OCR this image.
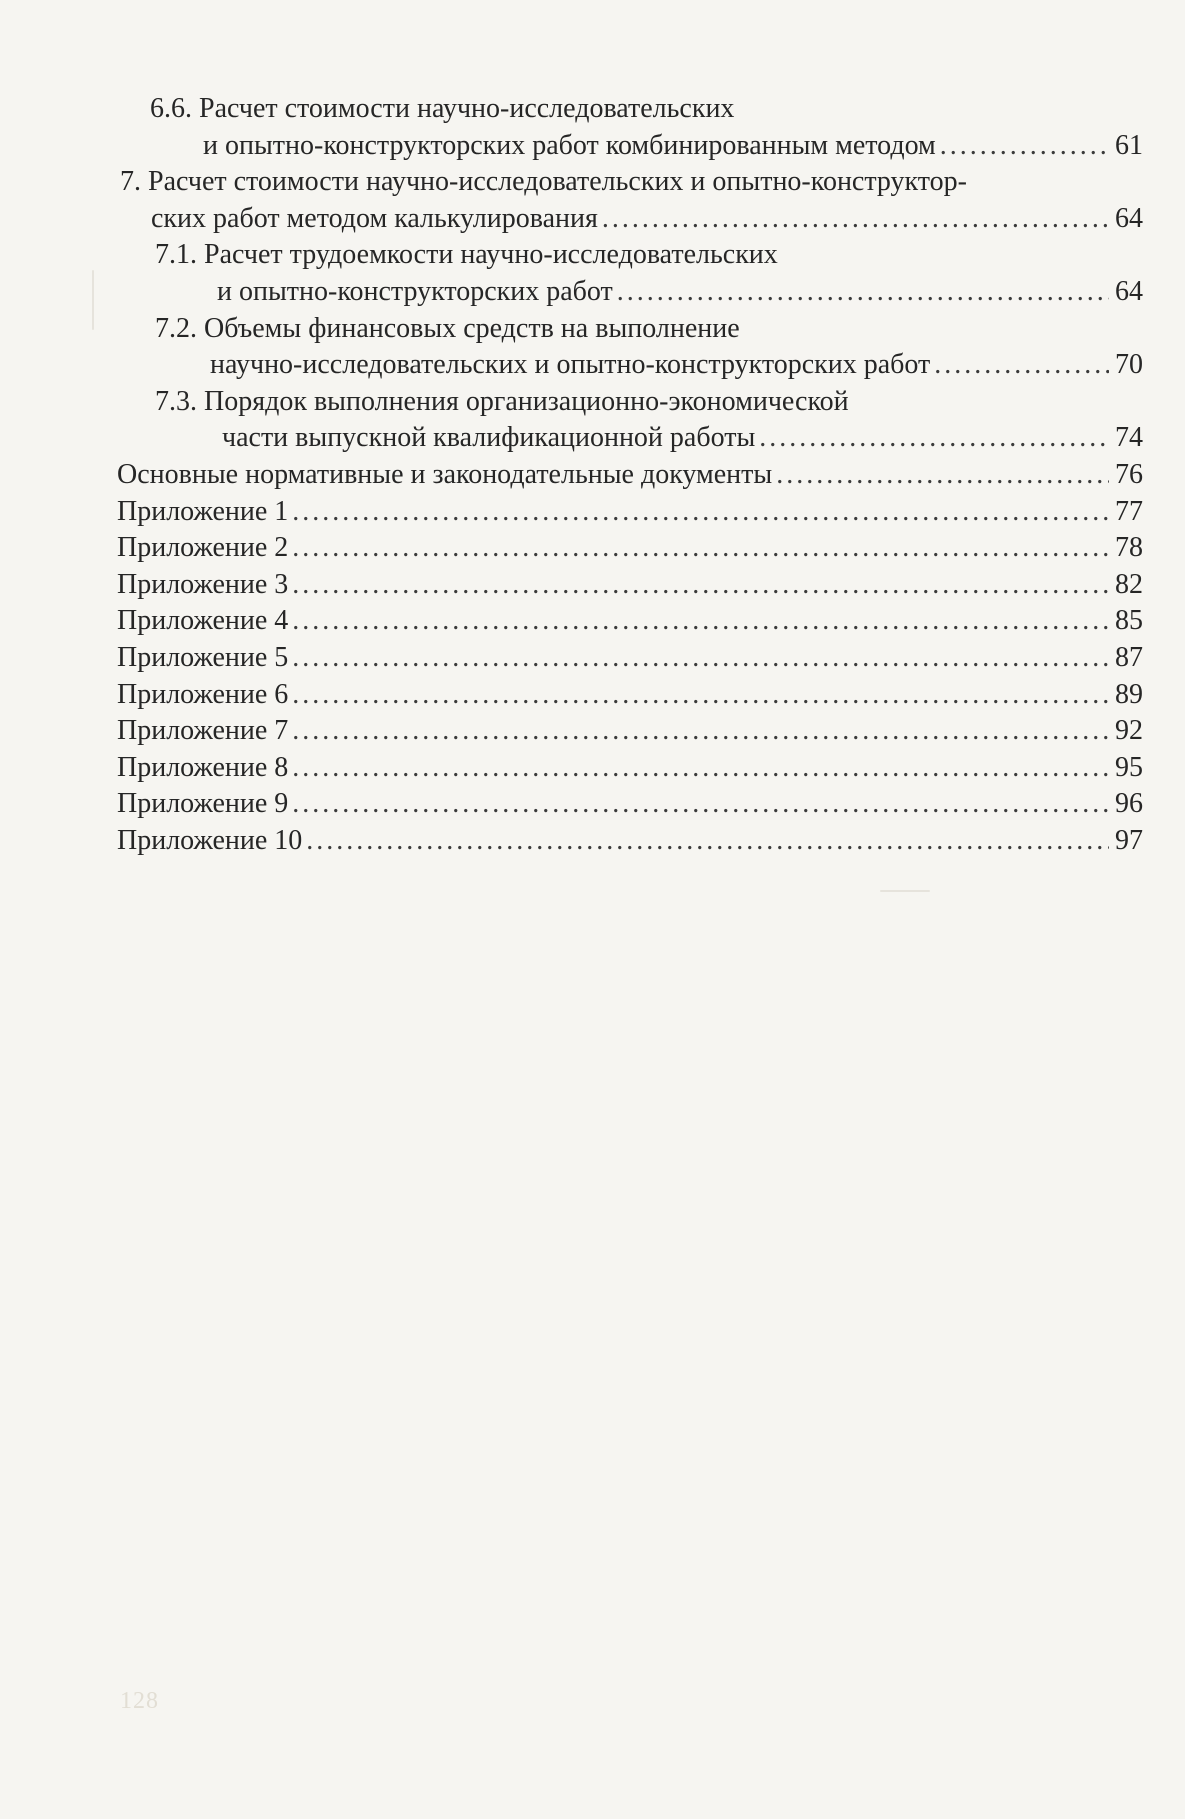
6.6. Расчет стоимости научно-исследовательских
и опытно-конструкторских работ комбинированным методом .....	61
7. Расчет стоимости научно-исследовательских и опытно-конструктор-
ских работ методом калькулирования .....	64
7.1. Расчет трудоемкости научно-исследовательских
и опытно-конструкторских работ .....	64
7.2. Объемы финансовых средств на выполнение
научно-исследовательских и опытно-конструкторских работ .....	70
7.3. Порядок выполнения организационно-экономической
части выпускной квалификационной работы .....	74
Основные нормативные и законодательные документы .....	76
Приложение 1 .....	77
Приложение 2 .....	78
Приложение 3 .....	82
Приложение 4 .....	85
Приложение 5 .....	87
Приложение 6 .....	89
Приложение 7 .....	92
Приложение 8 .....	95
Приложение 9 .....	96
Приложение 10 .....	97
128
